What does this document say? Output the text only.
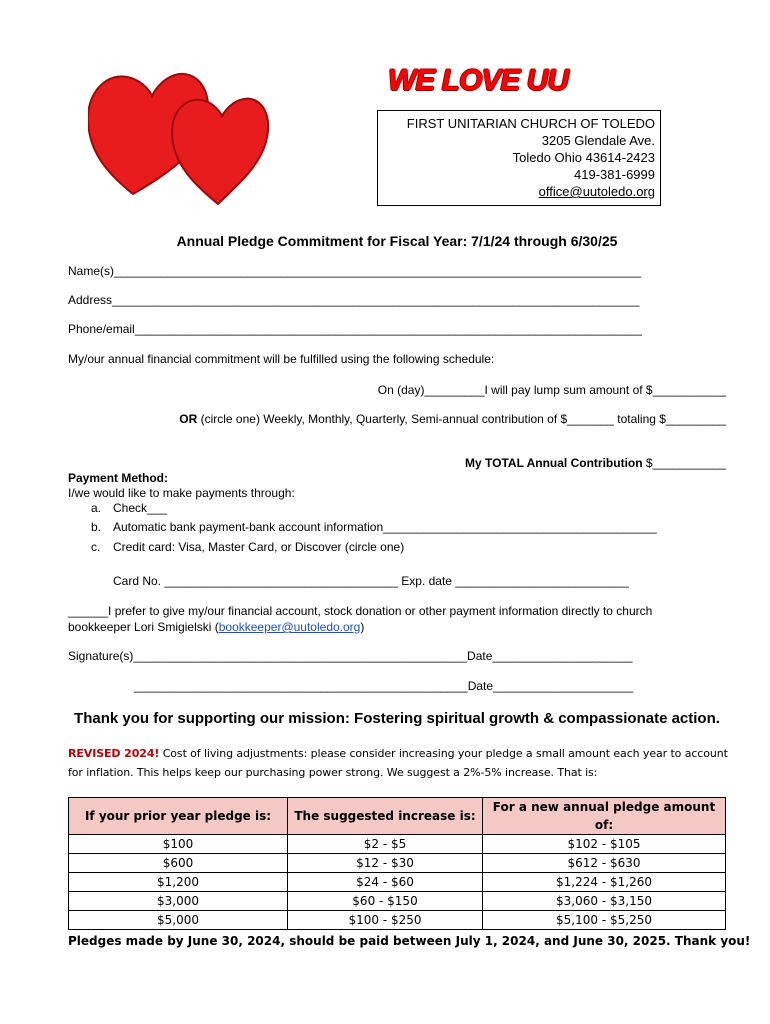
WE LOVE UU
FIRST UNITARIAN CHURCH OF TOLEDO
3205 Glendale Ave.
Toledo Ohio 43614-2423
419-381-6999
office@uutoledo.org
Annual Pledge Commitment for Fiscal Year: 7/1/24 through 6/30/25
Name(s)_______________________________________________________________________________
Address_______________________________________________________________________________
Phone/email____________________________________________________________________________
My/our annual financial commitment will be fulfilled using the following schedule:
On (day)_________I will pay lump sum amount of $___________
OR (circle one) Weekly, Monthly, Quarterly, Semi-annual contribution of $_______ totaling $_________
My TOTAL Annual Contribution $___________
Payment Method:
I/we would like to make payments through:
a. Check___
b. Automatic bank payment-bank account information_________________________________________
c. Credit card: Visa, Master Card, or Discover (circle one)
Card No. ___________________________________ Exp. date __________________________
______I prefer to give my/our financial account, stock donation or other payment information directly to church
bookkeeper Lori Smigielski (bookkeeper@uutoledo.org)
Signature(s)__________________________________________________Date_____________________
__________________________________________________Date_____________________
Thank you for supporting our mission: Fostering spiritual growth & compassionate action.
REVISED 2024! Cost of living adjustments: please consider increasing your pledge a small amount each year to account for inflation. This helps keep our purchasing power strong. We suggest a 2%-5% increase. That is:
If your prior year pledge is:	The suggested increase is:	For a new annual pledge amount of:
$100	$2 - $5	$102 - $105
$600	$12 - $30	$612 - $630
$1,200	$24 - $60	$1,224 - $1,260
$3,000	$60 - $150	$3,060 - $3,150
$5,000	$100 - $250	$5,100 - $5,250
Pledges made by June 30, 2024, should be paid between July 1, 2024, and June 30, 2025. Thank you!
